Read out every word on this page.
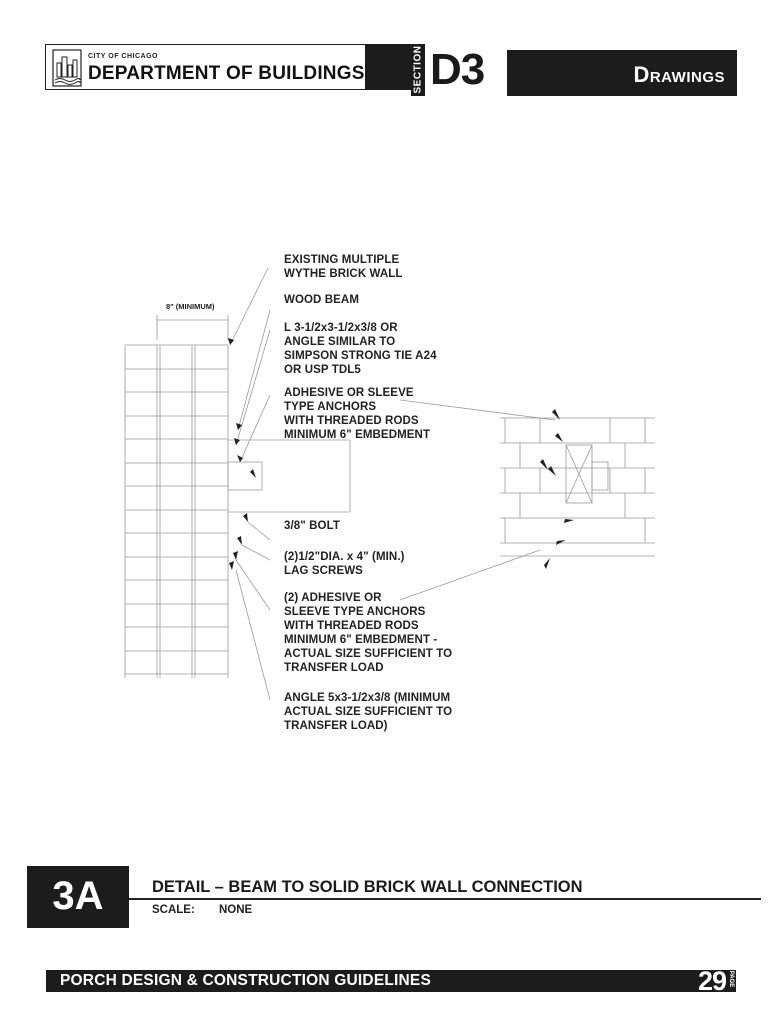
CITY OF CHICAGO
DEPARTMENT OF BUILDINGS	SECTION D3	Drawings
8" (MINIMUM)
EXISTING MULTIPLE
WYTHE BRICK WALL
WOOD BEAM
L 3-1/2x3-1/2x3/8 OR
ANGLE SIMILAR TO
SIMPSON STRONG TIE A24
OR USP TDL5
ADHESIVE OR SLEEVE
TYPE ANCHORS
WITH THREADED RODS
MINIMUM 6" EMBEDMENT
3/8" BOLT
(2)1/2"DIA. x 4" (MIN.)
LAG SCREWS
(2) ADHESIVE OR
SLEEVE TYPE ANCHORS
WITH THREADED RODS
MINIMUM 6" EMBEDMENT -
ACTUAL SIZE SUFFICIENT TO
TRANSFER LOAD
ANGLE 5x3-1/2x3/8 (MINIMUM
ACTUAL SIZE SUFFICIENT TO
TRANSFER LOAD)
3A	DETAIL – BEAM TO SOLID BRICK WALL CONNECTION
SCALE: NONE
PORCH DESIGN & CONSTRUCTION GUIDELINES	29 PAGE
